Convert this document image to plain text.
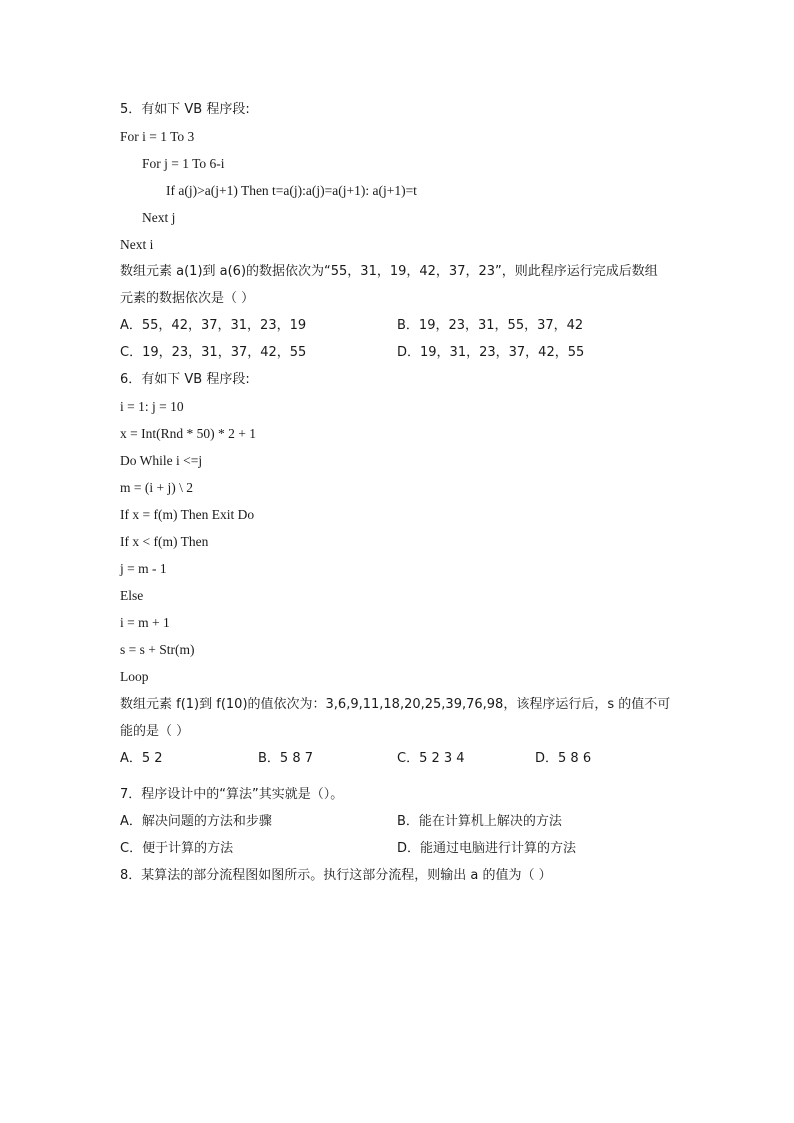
5．有如下 VB 程序段:
For i = 1 To 3
For j = 1 To 6-i
If a(j)>a(j+1) Then t=a(j):a(j)=a(j+1): a(j+1)=t
Next j
Next i
数组元素 a(1)到 a(6)的数据依次为“55，31，19，42，37，23”，则此程序运行完成后数组
元素的数据依次是（ ）
A．55，42，37，31，23，19	B．19，23，31，55，37，42
C．19，23，31，37，42，55	D．19，31，23，37，42，55
6．有如下 VB 程序段:
i = 1: j = 10
x = Int(Rnd * 50) * 2 + 1
Do While i <=j
m = (i + j) \ 2
If x = f(m) Then Exit Do
If x < f(m) Then
j = m - 1
Else
i = m + 1
s = s + Str(m)
Loop
数组元素 f(1)到 f(10)的值依次为：3,6,9,11,18,20,25,39,76,98，该程序运行后，s 的值不可
能的是（ ）
A．5 2	B．5 8 7	C．5 2 3 4	D．5 8 6
7．程序设计中的“算法”其实就是（）。
A．解决问题的方法和步骤	B．能在计算机上解决的方法
C．便于计算的方法	D．能通过电脑进行计算的方法
8．某算法的部分流程图如图所示。执行这部分流程，则输出 a 的值为（ ）
